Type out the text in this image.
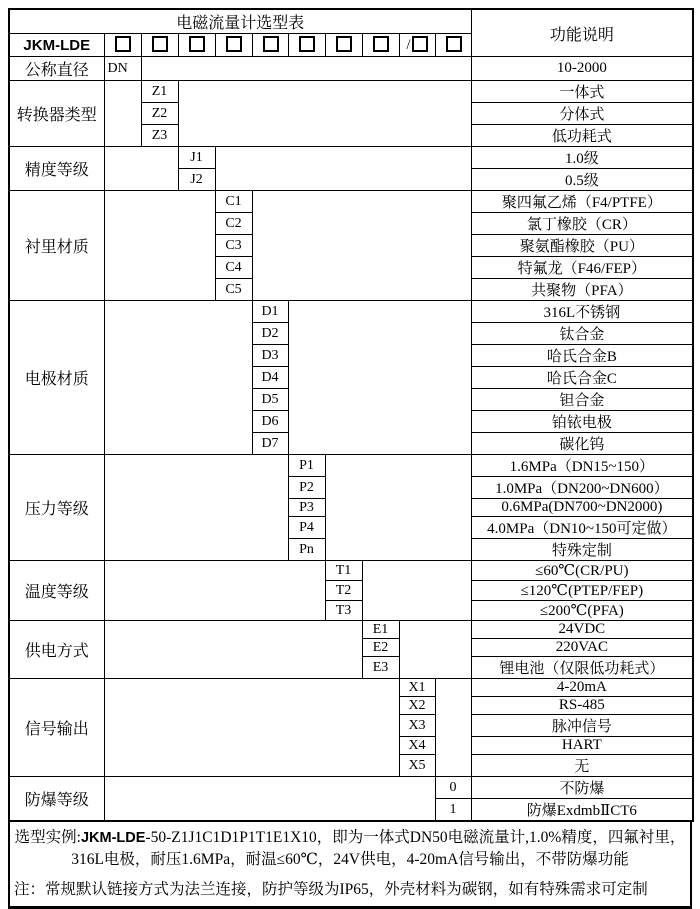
电磁流量计选型表											功能说明
JKM-LDE									/		
公称直径	DN										10-2000
转换器类型		Z1									一体式
		Z2									分体式
		Z3									低功耗式
精度等级			J1								1.0级
			J2								0.5级
衬里材质				C1							聚四氟乙烯（F4/PTFE）
				C2							氯丁橡胶（CR）
				C3							聚氨酯橡胶（PU）
				C4							特氟龙（F46/FEP）
				C5							共聚物（PFA）
电极材质					D1						316L不锈钢
					D2						钛合金
					D3						哈氏合金B
					D4						哈氏合金C
					D5						钽合金
					D6						铂铱电极
					D7						碳化钨
压力等级						P1					1.6MPa（DN15~150）
						P2					1.0MPa（DN200~DN600）
						P3					0.6MPa(DN700~DN2000)
						P4					4.0MPa（DN10~150可定做）
						Pn					特殊定制
温度等级							T1				≤60℃(CR/PU)
							T2				≤120℃(PTEP/FEP)
							T3				≤200℃(PFA)
供电方式								E1			24VDC
								E2			220VAC
								E3			锂电池（仅限低功耗式）
信号输出									X1		4-20mA
									X2		RS-485
									X3		脉冲信号
									X4		HART
									X5		无
防爆等级										0	不防爆
										1	防爆ExdmbⅡCT6

选型实例:JKM-LDE-50-Z1J1C1D1P1T1E1X10，即为一体式DN50电磁流量计,1.0%精度，四氟衬里，316L电极，耐压1.6MPa，耐温≤60℃，24V供电，4-20mA信号输出，不带防爆功能

注：常规默认链接方式为法兰连接，防护等级为IP65，外壳材料为碳钢，如有特殊需求可定制
